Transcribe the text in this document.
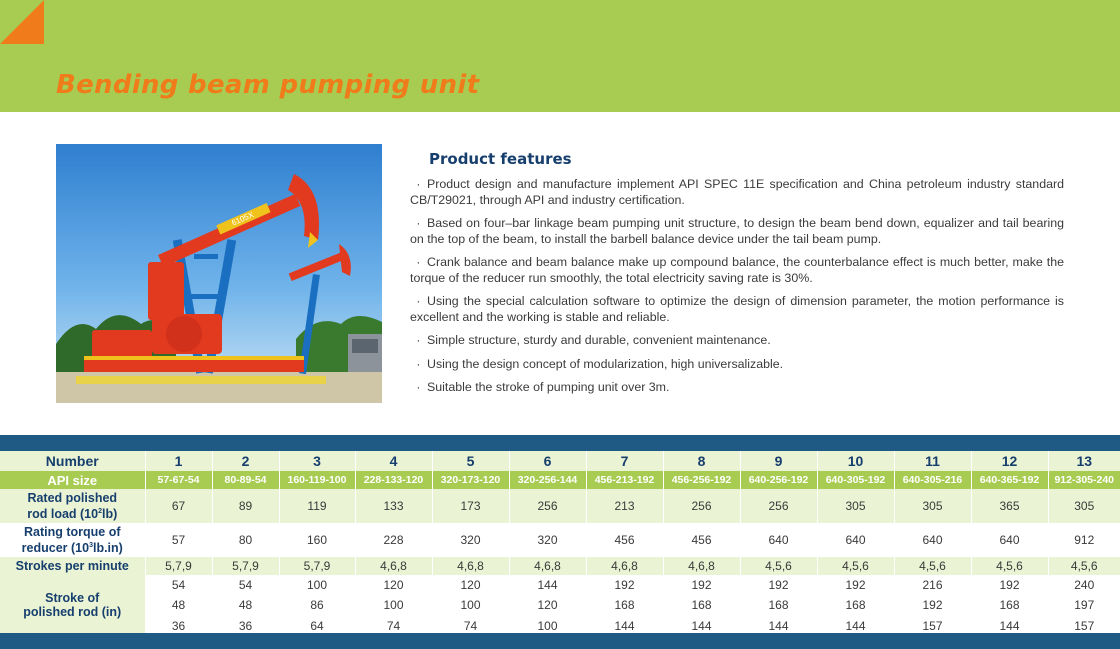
Bending beam pumping unit
6105X
Product features
· Product design and manufacture implement API SPEC 11E specification and China petroleum industry standard CB/T29021, through API and industry certification.
· Based on four–bar linkage beam pumping unit structure, to design the beam bend down, equalizer and tail bearing on the top of the beam, to install the barbell balance device under the tail beam pump.
· Crank balance and beam balance make up compound balance, the counterbalance effect is much better, make the torque of the reducer run smoothly, the total electricity saving rate is 30%.
· Using the special calculation software to optimize the design of dimension parameter, the motion performance is excellent and the working is stable and reliable.
· Simple structure, sturdy and durable, convenient maintenance.
· Using the design concept of modularization, high universalizable.
· Suitable the stroke of pumping unit over 3m.
Number	1	2	3	4	5	6	7	8	9	10	11	12	13
API size	57-67-54	80-89-54	160-119-100	228-133-120	320-173-120	320-256-144	456-213-192	456-256-192	640-256-192	640-305-192	640-305-216	640-365-192	912-305-240

Rated polished
rod load $(10^2lb)$	67	89	119	133	173	256	213	256	256	305	305	365	305

Rating torque of
reducer $(10^3lb.in)$	57	80	160	228	320	320	456	456	640	640	640	640	912
Strokes per minute	5,7,9	5,7,9	5,7,9	4,6,8	4,6,8	4,6,8	4,6,8	4,6,8	4,5,6	4,5,6	4,5,6	4,5,6	4,5,6

Stroke of
polished rod (in)	54	54	100	120	120	144	192	192	192	192	216	192	240
	48	48	86	100	100	120	168	168	168	168	192	168	197
	36	36	64	74	74	100	144	144	144	144	157	144	157
